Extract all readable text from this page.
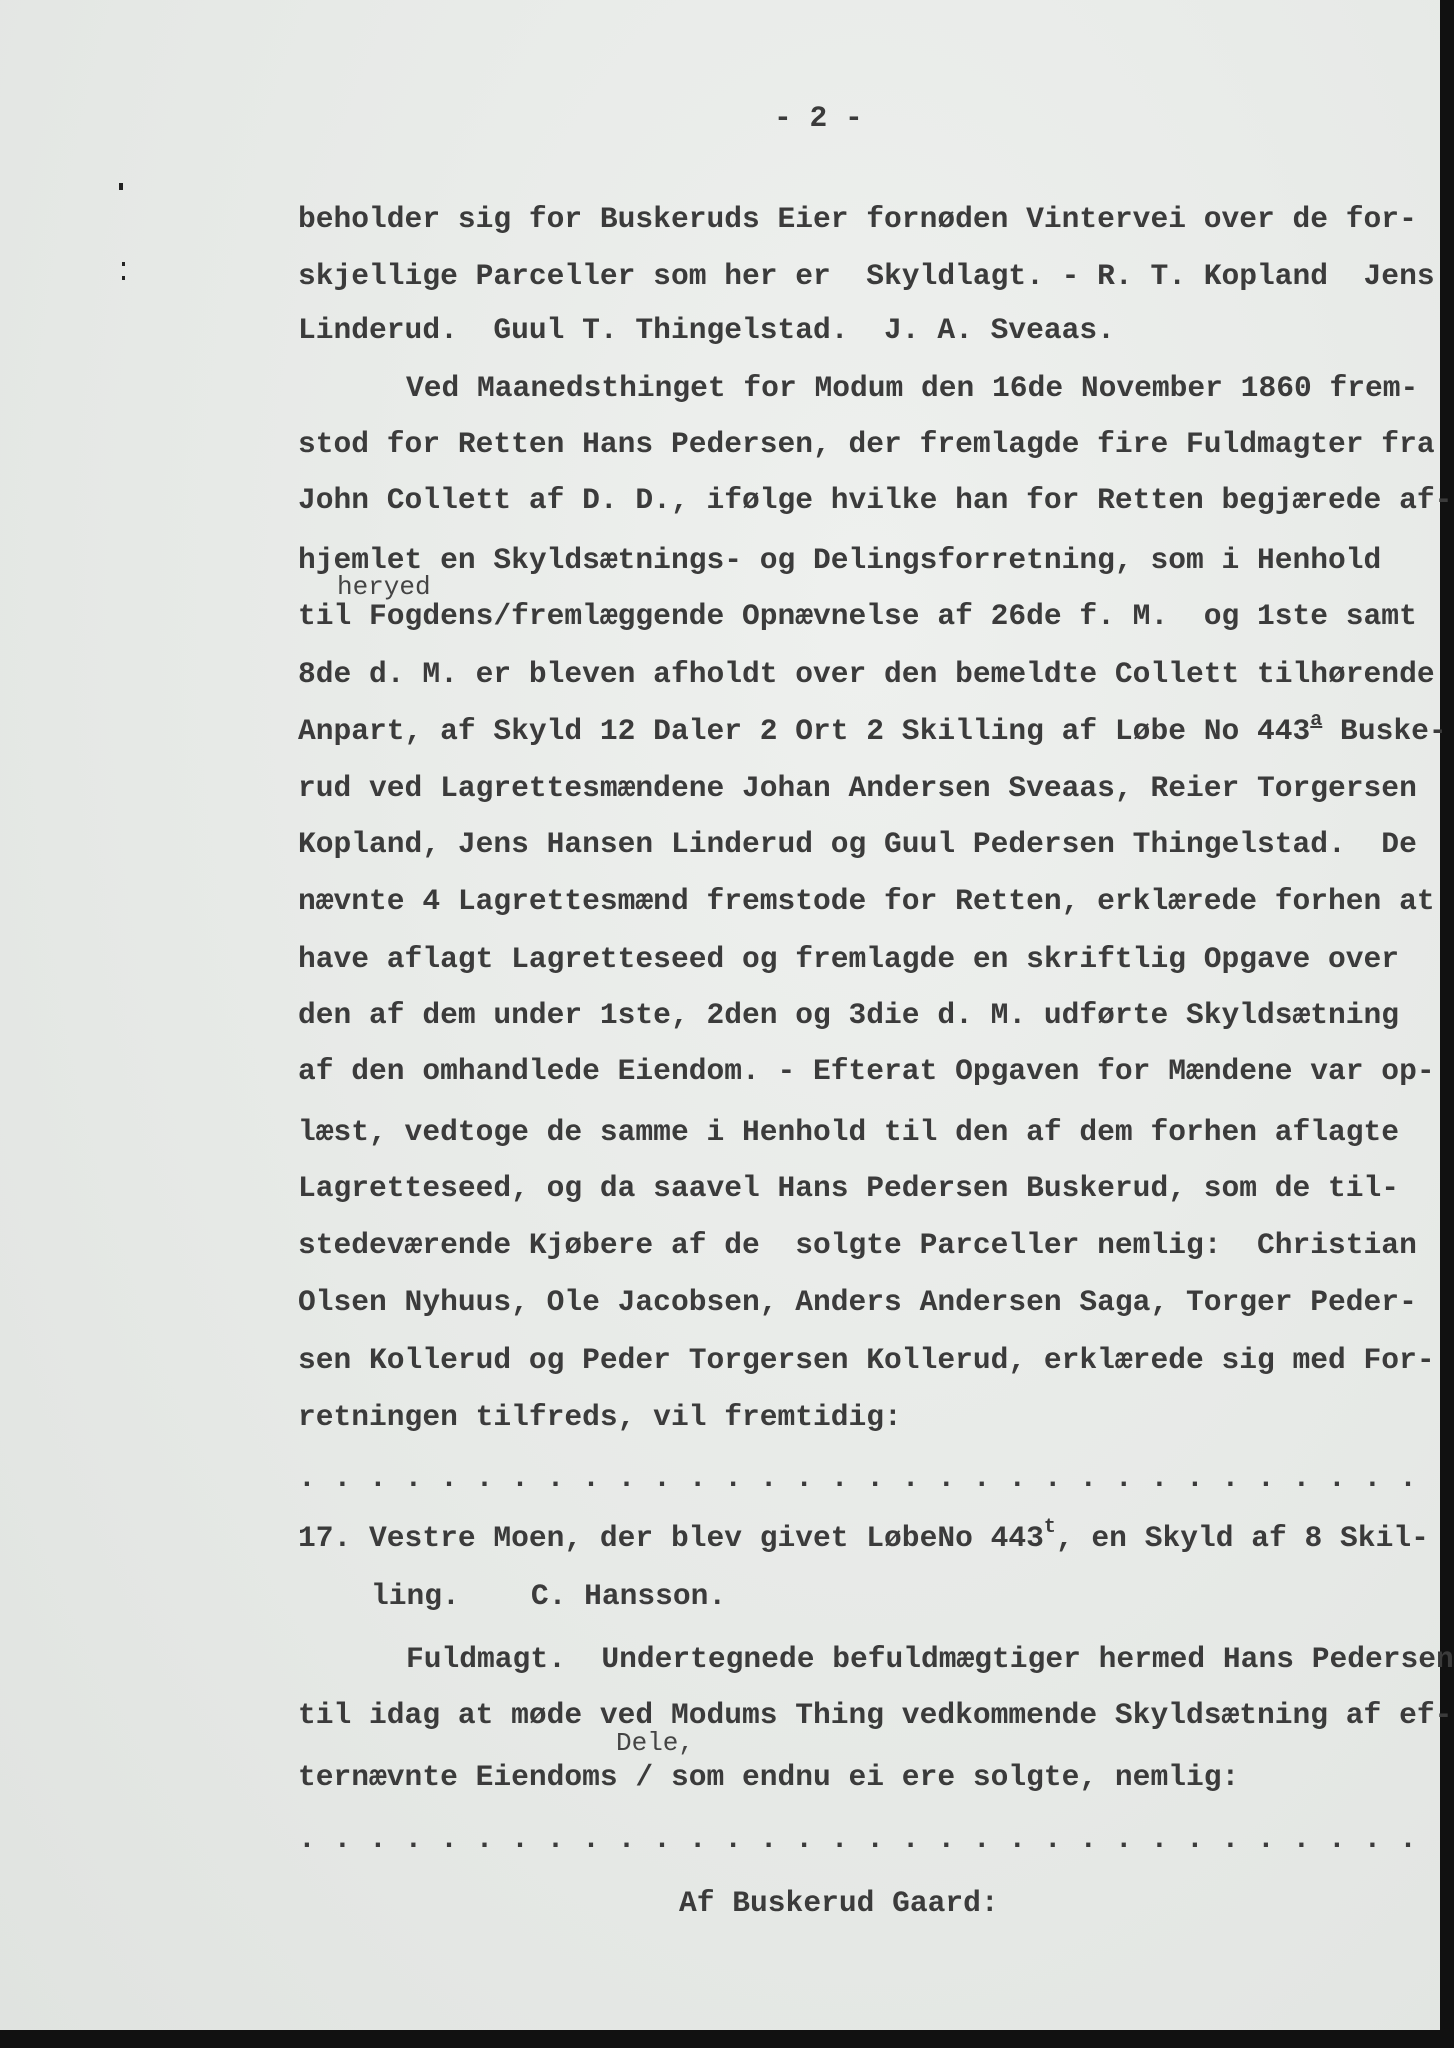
- 2 -
beholder sig for Buskeruds Eier fornøden Vintervei over de for-
skjellige Parceller som her er  Skyldlagt. - R. T. Kopland  Jens
Linderud.  Guul T. Thingelstad.  J. A. Sveaas.
Ved Maanedsthinget for Modum den 16de November 1860 frem-
stod for Retten Hans Pedersen, der fremlagde fire Fuldmagter fra
John Collett af D. D., ifølge hvilke han for Retten begjærede af-
hjemlet en Skyldsætnings- og Delingsforretning, som i Henhold
heryed
til Fogdens/fremlæggende Opnævnelse af 26de f. M.  og 1ste samt
8de d. M. er bleven afholdt over den bemeldte Collett tilhørende
Anpart, af Skyld 12 Daler 2 Ort 2 Skilling af Løbe No 443$^a$ Buske-
rud ved Lagrettesmændene Johan Andersen Sveaas, Reier Torgersen
Kopland, Jens Hansen Linderud og Guul Pedersen Thingelstad.  De
nævnte 4 Lagrettesmænd fremstode for Retten, erklærede forhen at
have aflagt Lagretteseed og fremlagde en skriftlig Opgave over
den af dem under 1ste, 2den og 3die d. M. udførte Skyldsætning
af den omhandlede Eiendom. - Efterat Opgaven for Mændene var op-
læst, vedtoge de samme i Henhold til den af dem forhen aflagte
Lagretteseed, og da saavel Hans Pedersen Buskerud, som de til-
stedeværende Kjøbere af de  solgte Parceller nemlig:  Christian
Olsen Nyhuus, Ole Jacobsen, Anders Andersen Saga, Torger Peder-
sen Kollerud og Peder Torgersen Kollerud, erklærede sig med For-
retningen tilfreds, vil fremtidig:
. . . . . . . . . . . . . . . . . . . . . . . . . . . . . . . .
17. Vestre Moen, der blev givet LøbeNo 443$^t$, en Skyld af 8 Skil-
ling.    C. Hansson.
Fuldmagt.  Undertegnede befuldmægtiger hermed Hans Pedersen
til idag at møde ved Modums Thing vedkommende Skyldsætning af ef-
Dele,
ternævnte Eiendoms / som endnu ei ere solgte, nemlig:
. . . . . . . . . . . . . . . . . . . . . . . . . . . . . . . .
Af Buskerud Gaard:
